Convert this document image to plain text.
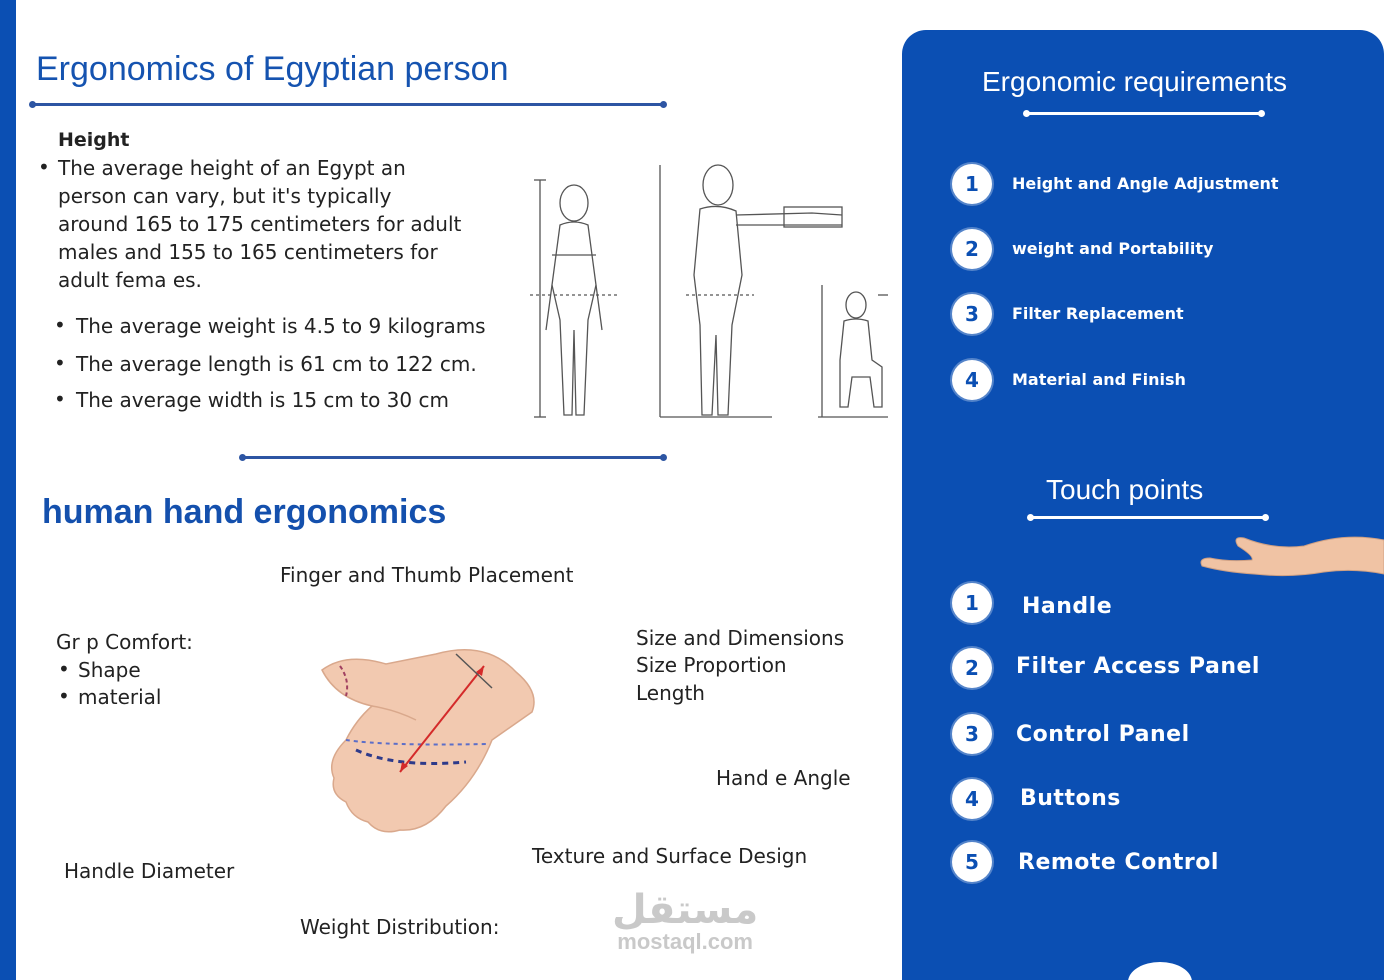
Ergonomics of Egyptian person
Height
• The average height of an Egypt an person can vary, but it's typically around 165 to 175 centimeters for adult males and 155 to 165 centimeters for adult fema es.
• The average weight is 4.5 to 9 kilograms
• The average length is 61 cm to 122 cm.
• The average width is 15 cm to 30 cm
human hand ergonomics
Finger and Thumb Placement
Gr p Comfort:
• Shape
• material
Size and Dimensions
Size Proportion
Length
Hand e Angle
Texture and Surface Design
Handle Diameter
Weight Distribution:
Ergonomic requirements
1	Height and Angle Adjustment
2	weight and Portability
3	Filter Replacement
4	Material and Finish
Touch points
1	Handle
2	Filter Access Panel
3	Control Panel
4	Buttons
5	Remote Control
مستقل
mostaql.com
